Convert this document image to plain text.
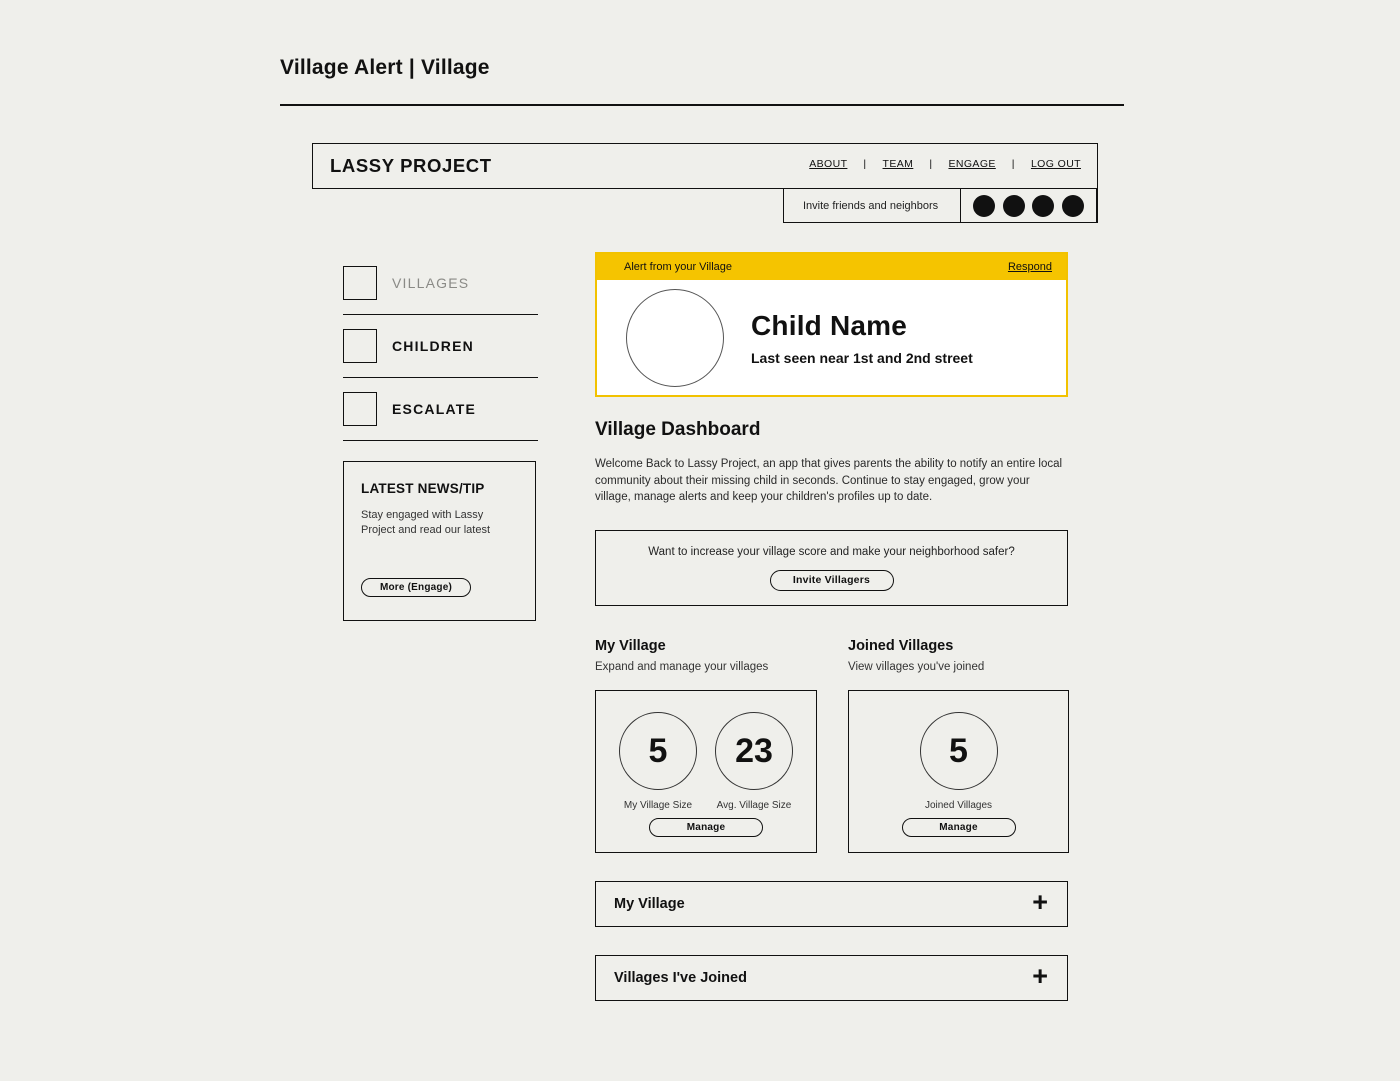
Village Alert | Village
LASSY PROJECT	ABOUT	|	TEAM	|	ENGAGE	|	LOG OUT
Invite friends and neighbors
VILLAGES
CHILDREN
ESCALATE
LATEST NEWS/TIP
Stay engaged with Lassy Project and read our latest
More (Engage)
Alert from your Village	Respond
Child Name
Last seen near 1st and 2nd street
Village Dashboard
Welcome Back to Lassy Project, an app that gives parents the ability to notify an entire local community about their missing child in seconds. Continue to stay engaged, grow your village, manage alerts and keep your children's profiles up to date.
Want to increase your village score and make your neighborhood safer?
Invite Villagers
My Village
Expand and manage your villages
5
My Village Size
23
Avg. Village Size
Manage
Joined Villages
View villages you've joined
5
Joined Villages
Manage
My Village	+
Villages I've Joined	+
